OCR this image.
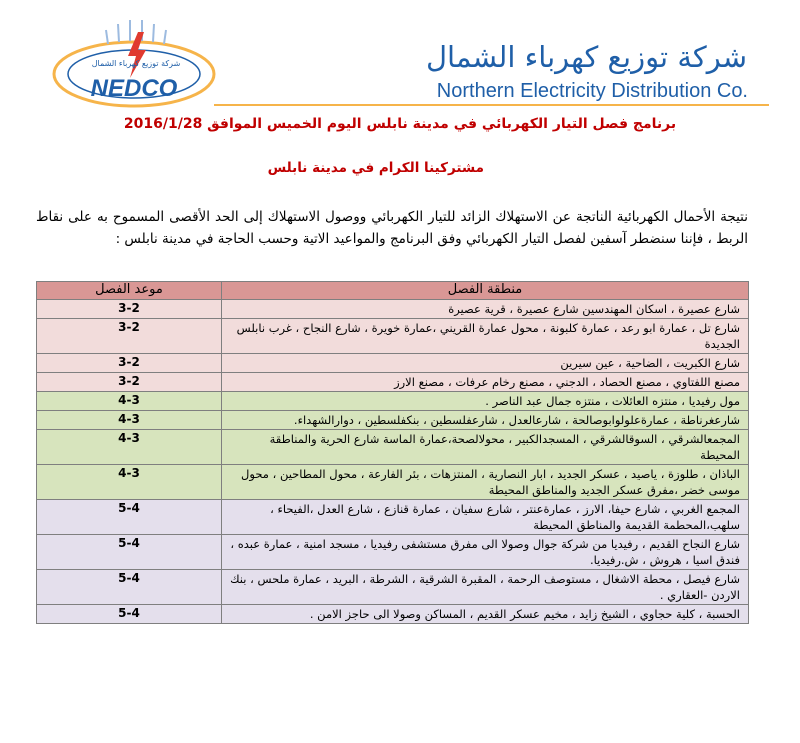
شركة توزيع كهرباء الشمال
NEDCO
شركة توزيع كهرباء الشمال
Northern Electricity Distribution Co.
برنامج فصل التيار الكهربائي في مدينة نابلس اليوم الخميس الموافق 2016/1/28
مشتركينا الكرام في مدينة نابلس
نتيجة الأحمال الكهربائية الناتجة عن الاستهلاك الزائد للتيار الكهربائي ووصول الاستهلاك إلى الحد الأقصى المسموح به على نقاط الربط ، فإننا سنضطر آسفين لفصل التيار الكهربائي وفق البرنامج والمواعيد الاتية وحسب الحاجة في مدينة نابلس :
منطقة الفصل	موعد الفصل
شارع عصيرة ، اسكان المهندسين شارع عصيرة ، قرية عصيرة	3-2
شارع تل ، عمارة ابو رعد ، عمارة كلبونة ، محول عمارة القريني ،عمارة خويرة ، شارع النجاح ، غرب نابلس الجديدة	3-2
شارع الكبريت ، الضاحية ، عين سيرين	3-2
مصنع اللفتاوي ، مصنع الحصاد ، الدجني ، مصنع رخام عرفات ، مصنع الارز	3-2
مول رفيديا ، منتزه العائلات ، منتزه جمال عبد الناصر .	4-3
شارعغرناطة ، عمارةعلولوابوصالحة ، شارعالعدل ، شارعفلسطين ، بنكفلسطين ، دوارالشهداء.	4-3
المجمعالشرقي ، السوقالشرقي ، المسجدالكبير ، محولالصحة،عمارة الماسة شارع الحرية والمناطقة المحيطة	4-3
الباذان ، طلوزة ، ياصيد ، عسكر الجديد ، ابار النصارية ، المنتزهات ، بئر الفارعة ، محول المطاحين ، محول موسى خضر ،مفرق عسكر الجديد والمناطق المحيطة	4-3
المجمع الغربي ، شارع حيفا، الارز ، عمارةعنتر ، شارع سفيان ، عمارة قنازع ، شارع العدل ،الفيحاء ، سلهب،المحطمة القديمة والمناطق المحيطة	5-4
شارع النجاح القديم ، رفيديا من شركة جوال وصولا الى مفرق مستشفى رفيديا ، مسجد امنية ، عمارة عبده ، فندق اسيا ، هروش ، ش.رفيديا.	5-4
شارع فيصل ، محطة الاشغال ، مستوصف الرحمة ، المقبرة الشرقية ، الشرطة ، البريد ، عمارة ملحس ، بنك الاردن -العقاري .	5-4
الحسبة ، كلية حجاوي ، الشيخ زايد ، مخيم عسكر القديم ، المساكن وصولا الى حاجز الامن .	5-4
